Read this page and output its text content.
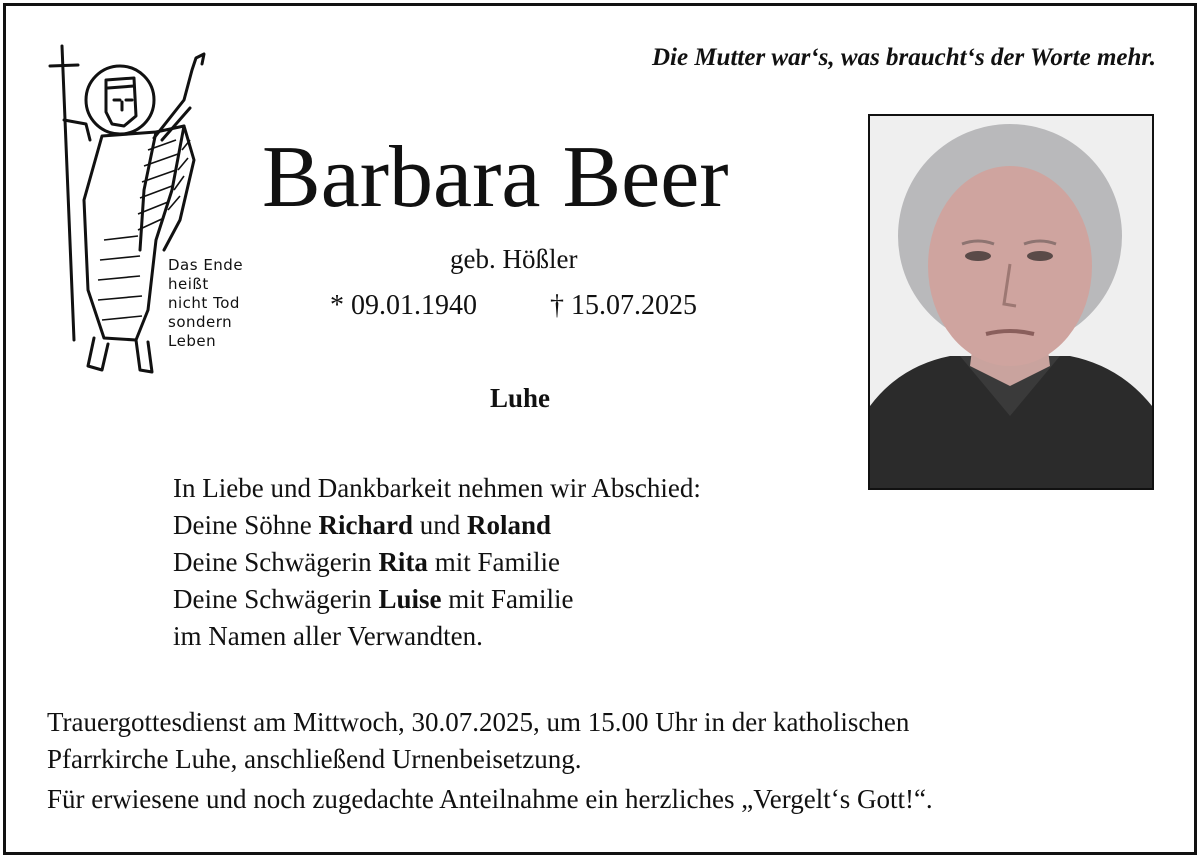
Die Mutter war‘s, was braucht‘s der Worte mehr.
Das Ende
heißt
nicht Tod
sondern
Leben
Barbara Beer
geb. Hößler
* 09.01.1940	† 15.07.2025
Luhe
In Liebe und Dankbarkeit nehmen wir Abschied:
Deine Söhne Richard und Roland
Deine Schwägerin Rita mit Familie
Deine Schwägerin Luise mit Familie
im Namen aller Verwandten.
Trauergottesdienst am Mittwoch, 30.07.2025, um 15.00 Uhr in der katholischen
Pfarrkirche Luhe, anschließend Urnenbeisetzung.
Für erwiesene und noch zugedachte Anteilnahme ein herzliches „Vergelt‘s Gott!“.
